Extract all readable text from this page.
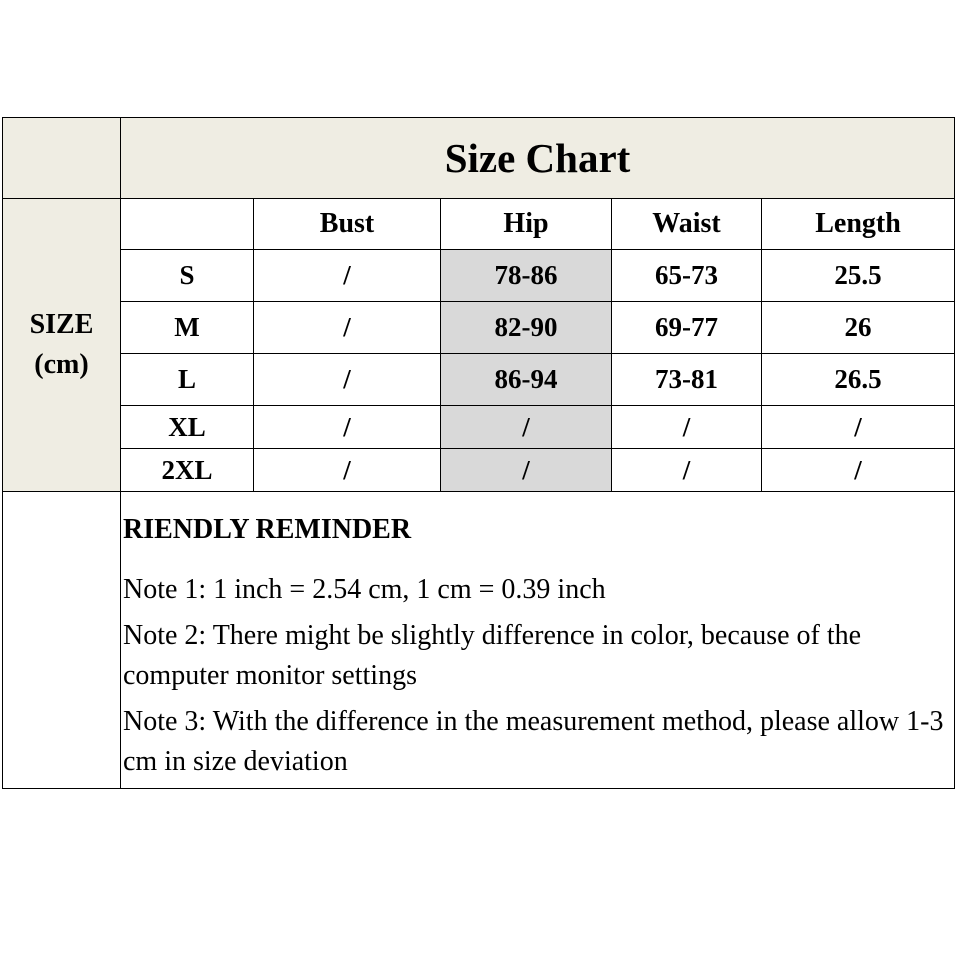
	Size Chart				
SIZE
(cm)		Bust	Hip	Waist	Length
	S	/	78-86	65-73	25.5
	M	/	82-90	69-77	26
	L	/	86-94	73-81	26.5
	XL	/	/	/	/
	2XL	/	/	/	/

	RIENDLY REMINDER
Note 1: 1 inch = 2.54 cm, 1 cm = 0.39 inch
Note 2: There might be slightly difference in color, because of the computer monitor settings
Note 3: With the difference in the measurement method, please allow 1-3 cm in size deviation				
